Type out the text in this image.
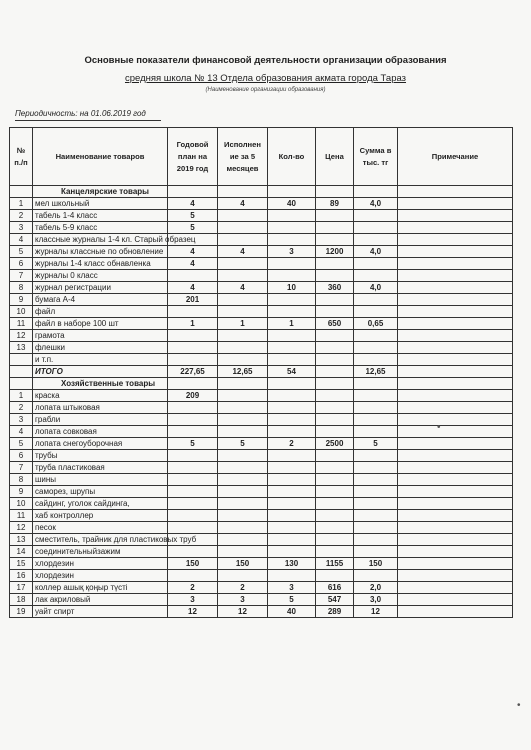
Основные показатели финансовой деятельности организации образования
средняя школа № 13 Отдела образования акмата города Тараз
(Наименование организации образования)
Периодичность: на 01.06.2019 год
№ п./п	Наименование товаров	Годовой план на 2019 год	Исполнен ие за 5 месяцев	Кол-во	Цена	Сумма в тыс. тг	Примечание
	Канцелярские товары						
1	мел школьный	4	4	40	89	4,0	
2	табель 1-4 класс	5					
3	табель 5-9 класс	5					
4	классные журналы 1-4 кл. Старый образец						
5	журналы классные по обновление	4	4	3	1200	4,0	
6	журналы 1-4 класс обнавленка	4					
7	журналы 0 класс						
8	журнал регистрации	4	4	10	360	4,0	
9	бумага А-4	201					
10	файл						
11	файл в наборе 100 шт	1	1	1	650	0,65	
12	грамота						
13	флешки						
	и т.п.						
	ИТОГО	227,65	12,65	54		12,65	
	Хозяйственные товары						
1	краска	209					
2	лопата штыковая						
3	грабли						
4	лопата совковая						
5	лопата снегоуборочная	5	5	2	2500	5	
6	трубы						
7	труба пластиковая						
8	шины						
9	саморез, шрупы						
10	сайдинг, уголок сайдинга,						
11	хаб контроллер						
12	песок						
13	сместитель, трайник для пластиковых труб						
14	соединительныйзажим						
15	хлордезин	150	150	130	1155	150	
16	хлордезин						
17	коллер ашық қоңыр түсті	2	2	3	616	2,0	
18	лак акриловый	3	3	5	547	3,0	
19	уайт спирт	12	12	40	289	12	
•
•
